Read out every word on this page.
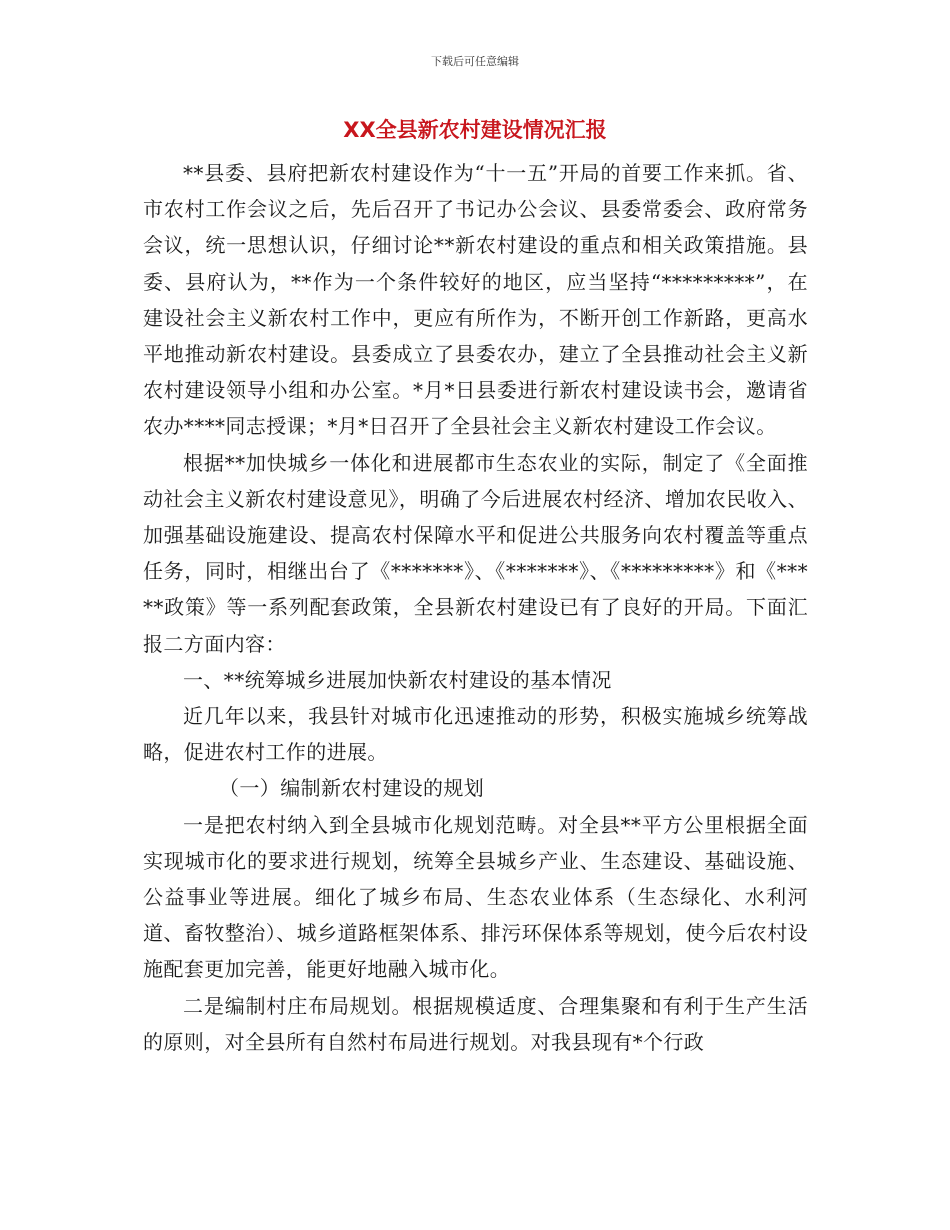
下载后可任意编辑
XX全县新农村建设情况汇报

**县委、县府把新农村建设作为“十一五”开局的首要工作来抓。省、市农村工作会议之后，先后召开了书记办公会议、县委常委会、政府常务会议，统一思想认识，仔细讨论**新农村建设的重点和相关政策措施。县委、县府认为，**作为一个条件较好的地区，应当坚持“*********”，在建设社会主义新农村工作中，更应有所作为，不断开创工作新路，更高水平地推动新农村建设。县委成立了县委农办，建立了全县推动社会主义新农村建设领导小组和办公室。*月*日县委进行新农村建设读书会，邀请省农办****同志授课；*月*日召开了全县社会主义新农村建设工作会议。

根据**加快城乡一体化和进展都市生态农业的实际，制定了《全面推动社会主义新农村建设意见》，明确了今后进展农村经济、增加农民收入、加强基础设施建设、提高农村保障水平和促进公共服务向农村覆盖等重点任务，同时，相继出台了《*******》、《*******》、《*********》和《*****政策》等一系列配套政策，全县新农村建设已有了良好的开局。下面汇报二方面内容：

一、**统筹城乡进展加快新农村建设的基本情况

近几年以来，我县针对城市化迅速推动的形势，积极实施城乡统筹战略，促进农村工作的进展。

（一）编制新农村建设的规划

一是把农村纳入到全县城市化规划范畴。对全县**平方公里根据全面实现城市化的要求进行规划，统筹全县城乡产业、生态建设、基础设施、公益事业等进展。细化了城乡布局、生态农业体系（生态绿化、水利河道、畜牧整治）、城乡道路框架体系、排污环保体系等规划，使今后农村设施配套更加完善，能更好地融入城市化。

二是编制村庄布局规划。根据规模适度、合理集聚和有利于生产生活的原则，对全县所有自然村布局进行规划。对我县现有*个行政
